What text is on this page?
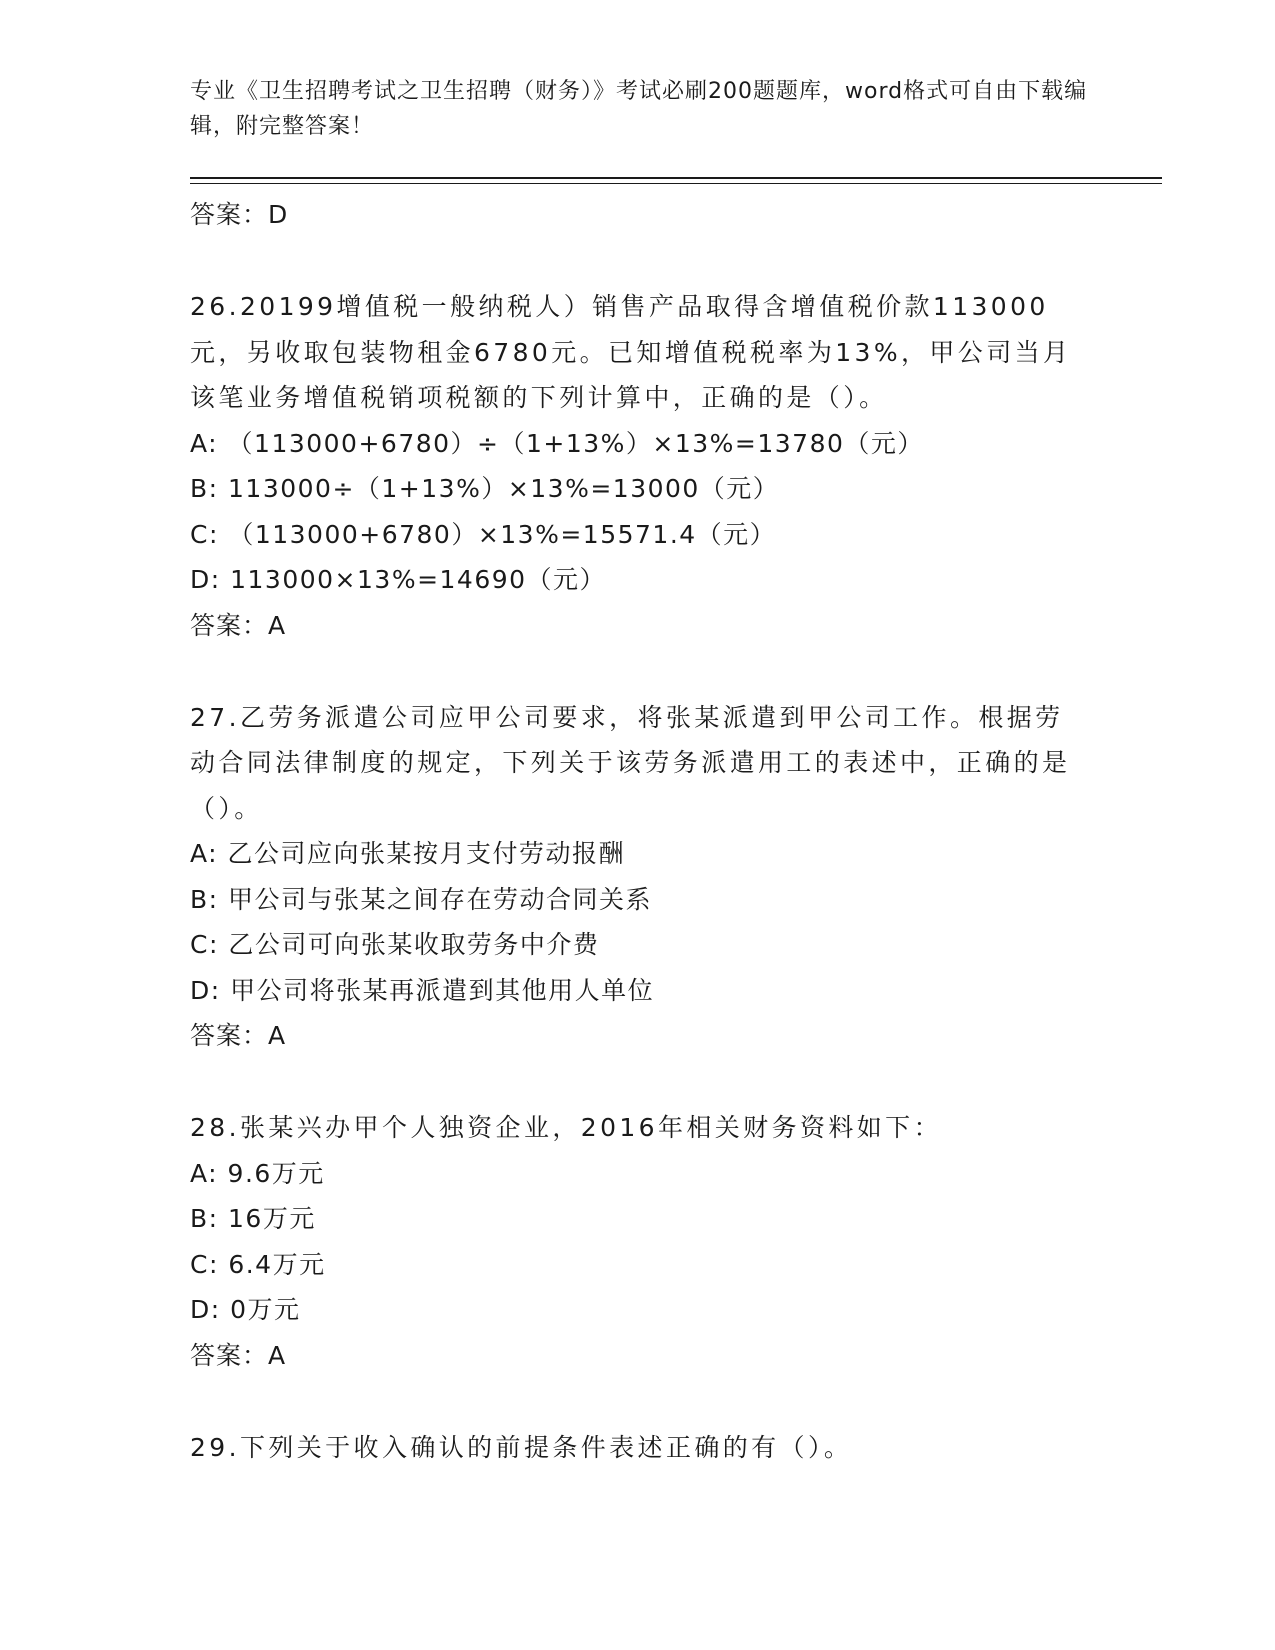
专业《卫生招聘考试之卫生招聘（财务）》考试必刷200题题库，word格式可自由下载编辑，附完整答案！
答案：D
26.20199增值税一般纳税人）销售产品取得含增值税价款113000元，另收取包装物租金6780元。已知增值税税率为13%，甲公司当月该笔业务增值税销项税额的下列计算中，正确的是（）。
A: （113000+6780）÷（1+13%）×13%=13780（元）
B: 113000÷（1+13%）×13%=13000（元）
C: （113000+6780）×13%=15571.4（元）
D: 113000×13%=14690（元）
答案：A
27.乙劳务派遣公司应甲公司要求，将张某派遣到甲公司工作。根据劳动合同法律制度的规定，下列关于该劳务派遣用工的表述中，正确的是（）。
A: 乙公司应向张某按月支付劳动报酬
B: 甲公司与张某之间存在劳动合同关系
C: 乙公司可向张某收取劳务中介费
D: 甲公司将张某再派遣到其他用人单位
答案：A
28.张某兴办甲个人独资企业，2016年相关财务资料如下：
A: 9.6万元
B: 16万元
C: 6.4万元
D: 0万元
答案：A
29.下列关于收入确认的前提条件表述正确的有（）。
